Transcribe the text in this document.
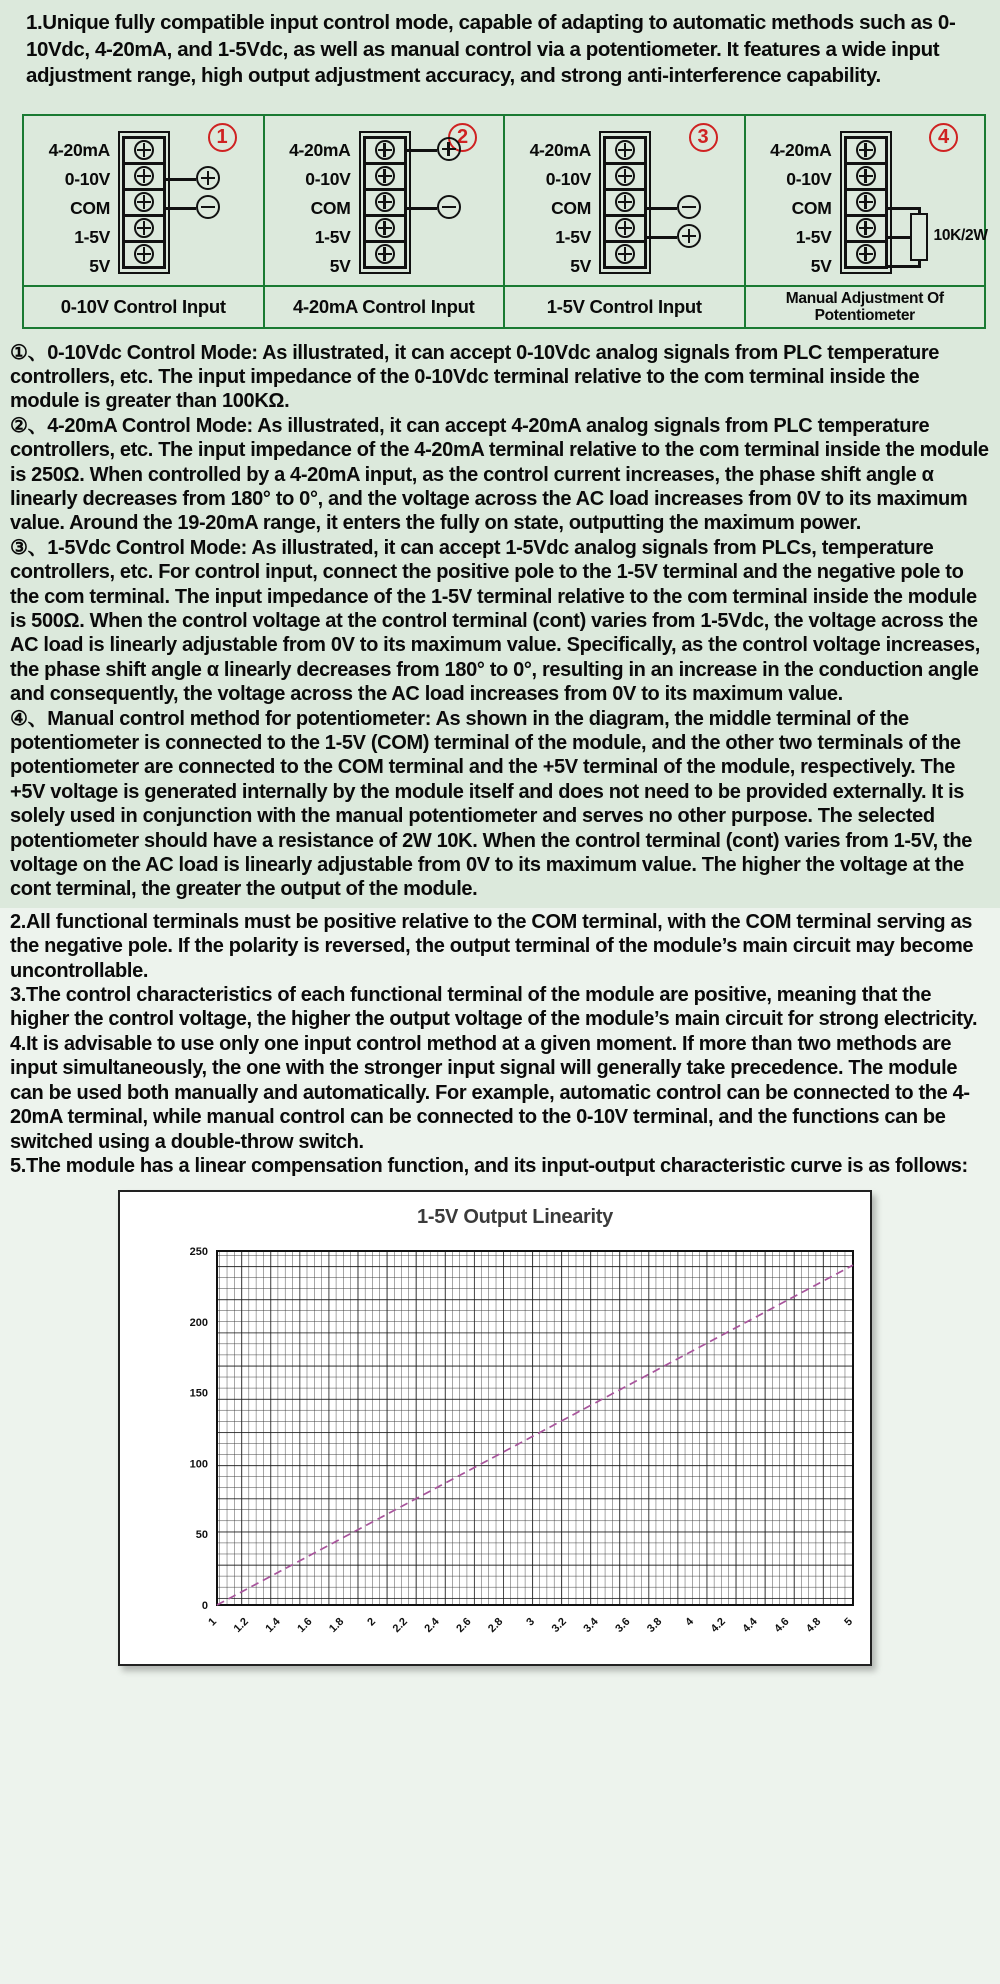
1.Unique fully compatible input control mode, capable of adapting to automatic methods such as 0-10Vdc, 4-20mA, and 1-5Vdc, as well as manual control via a potentiometer. It features a wide input adjustment range, high output adjustment accuracy, and strong anti-interference capability.
1
4-20mA
0-10V
COM
1-5V
5V
0-10V Control Input
2
4-20mA
0-10V
COM
1-5V
5V
4-20mA Control Input
3
4-20mA
0-10V
COM
1-5V
5V
1-5V Control Input
4
4-20mA
0-10V
COM
1-5V
5V
10K/2W
Manual Adjustment Of
Potentiometer

①、0-10Vdc Control Mode: As illustrated, it can accept 0-10Vdc analog signals from PLC temperature controllers, etc. The input impedance of the 0-10Vdc terminal relative to the com terminal inside the module is greater than 100KΩ.

②、4-20mA Control Mode: As illustrated, it can accept 4-20mA analog signals from PLC temperature controllers, etc. The input impedance of the 4-20mA terminal relative to the com terminal inside the module is 250Ω. When controlled by a 4-20mA input, as the control current increases, the phase shift angle α linearly decreases from 180° to 0°, and the voltage across the AC load increases from 0V to its maximum value. Around the 19-20mA range, it enters the fully on state, outputting the maximum power.

③、1-5Vdc Control Mode: As illustrated, it can accept 1-5Vdc analog signals from PLCs, temperature controllers, etc. For control input, connect the positive pole to the 1-5V terminal and the negative pole to the com terminal. The input impedance of the 1-5V terminal relative to the com terminal inside the module is 500Ω. When the control voltage at the control terminal (cont) varies from 1-5Vdc, the voltage across the AC load is linearly adjustable from 0V to its maximum value. Specifically, as the control voltage increases, the phase shift angle α linearly decreases from 180° to 0°, resulting in an increase in the conduction angle and consequently, the voltage across the AC load increases from 0V to its maximum value.

④、Manual control method for potentiometer: As shown in the diagram, the middle terminal of the potentiometer is connected to the 1-5V (COM) terminal of the module, and the other two terminals of the potentiometer are connected to the COM terminal and the +5V terminal of the module, respectively. The +5V voltage is generated internally by the module itself and does not need to be provided externally. It is solely used in conjunction with the manual potentiometer and serves no other purpose. The selected potentiometer should have a resistance of 2W 10K. When the control terminal (cont) varies from 1-5V, the voltage on the AC load is linearly adjustable from 0V to its maximum value. The higher the voltage at the cont terminal, the greater the output of the module.

2.All functional terminals must be positive relative to the COM terminal, with the COM terminal serving as the negative pole. If the polarity is reversed, the output terminal of the module’s main circuit may become uncontrollable.

3.The control characteristics of each functional terminal of the module are positive, meaning that the higher the control voltage, the higher the output voltage of the module’s main circuit for strong electricity.

4.It is advisable to use only one input control method at a given moment. If more than two methods are input simultaneously, the one with the stronger input signal will generally take precedence. The module can be used both manually and automatically. For example, automatic control can be connected to the 4-20mA terminal, while manual control can be connected to the 0-10V terminal, and the functions can be switched using a double-throw switch.

5.The module has a linear compensation function, and its input-output characteristic curve is as follows:

1-5V Output Linearity
0
50
100
150
200
250
1 1.2 1.4 1.6 1.8 2 2.2 2.4 2.6 2.8 3 3.2 3.4 3.6 3.8 4 4.2 4.4 4.6 4.8 5
